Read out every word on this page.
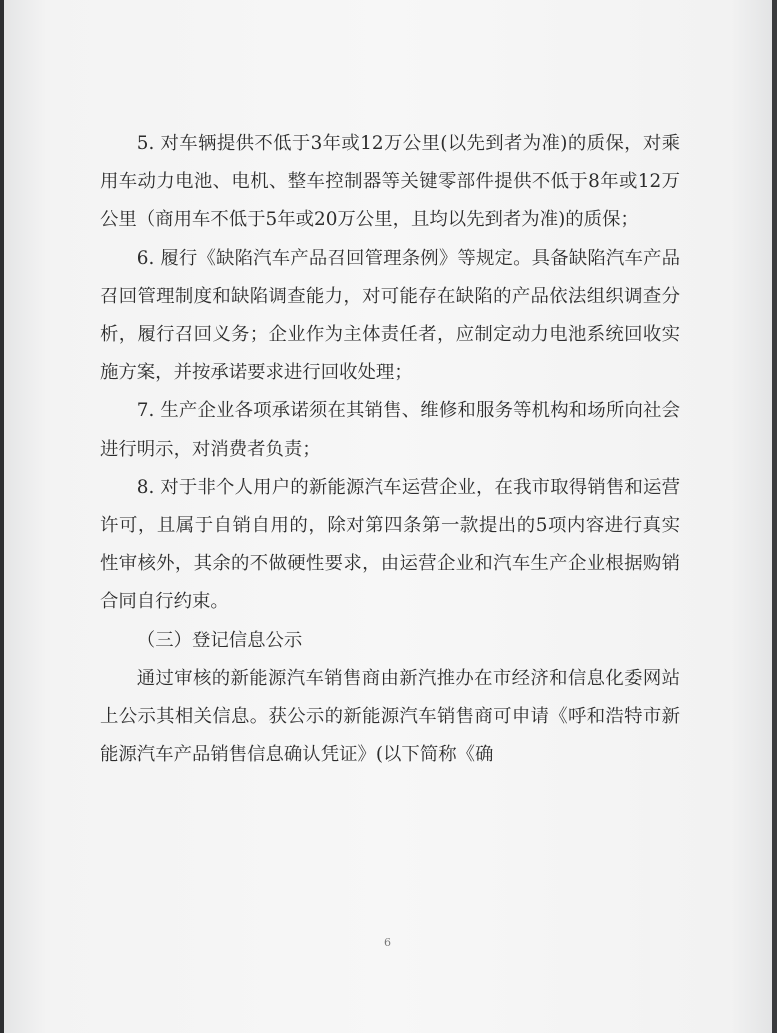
5. 对车辆提供不低于3年或12万公里(以先到者为准)的质保，对乘用车动力电池、电机、整车控制器等关键零部件提供不低于8年或12万公里（商用车不低于5年或20万公里，且均以先到者为准)的质保；

6. 履行《缺陷汽车产品召回管理条例》等规定。具备缺陷汽车产品召回管理制度和缺陷调查能力，对可能存在缺陷的产品依法组织调查分析，履行召回义务；企业作为主体责任者，应制定动力电池系统回收实施方案，并按承诺要求进行回收处理；

7. 生产企业各项承诺须在其销售、维修和服务等机构和场所向社会进行明示，对消费者负责；

8. 对于非个人用户的新能源汽车运营企业，在我市取得销售和运营许可，且属于自销自用的，除对第四条第一款提出的5项内容进行真实性审核外，其余的不做硬性要求，由运营企业和汽车生产企业根据购销合同自行约束。

（三）登记信息公示

通过审核的新能源汽车销售商由新汽推办在市经济和信息化委网站上公示其相关信息。获公示的新能源汽车销售商可申请《呼和浩特市新能源汽车产品销售信息确认凭证》(以下简称《确

6
